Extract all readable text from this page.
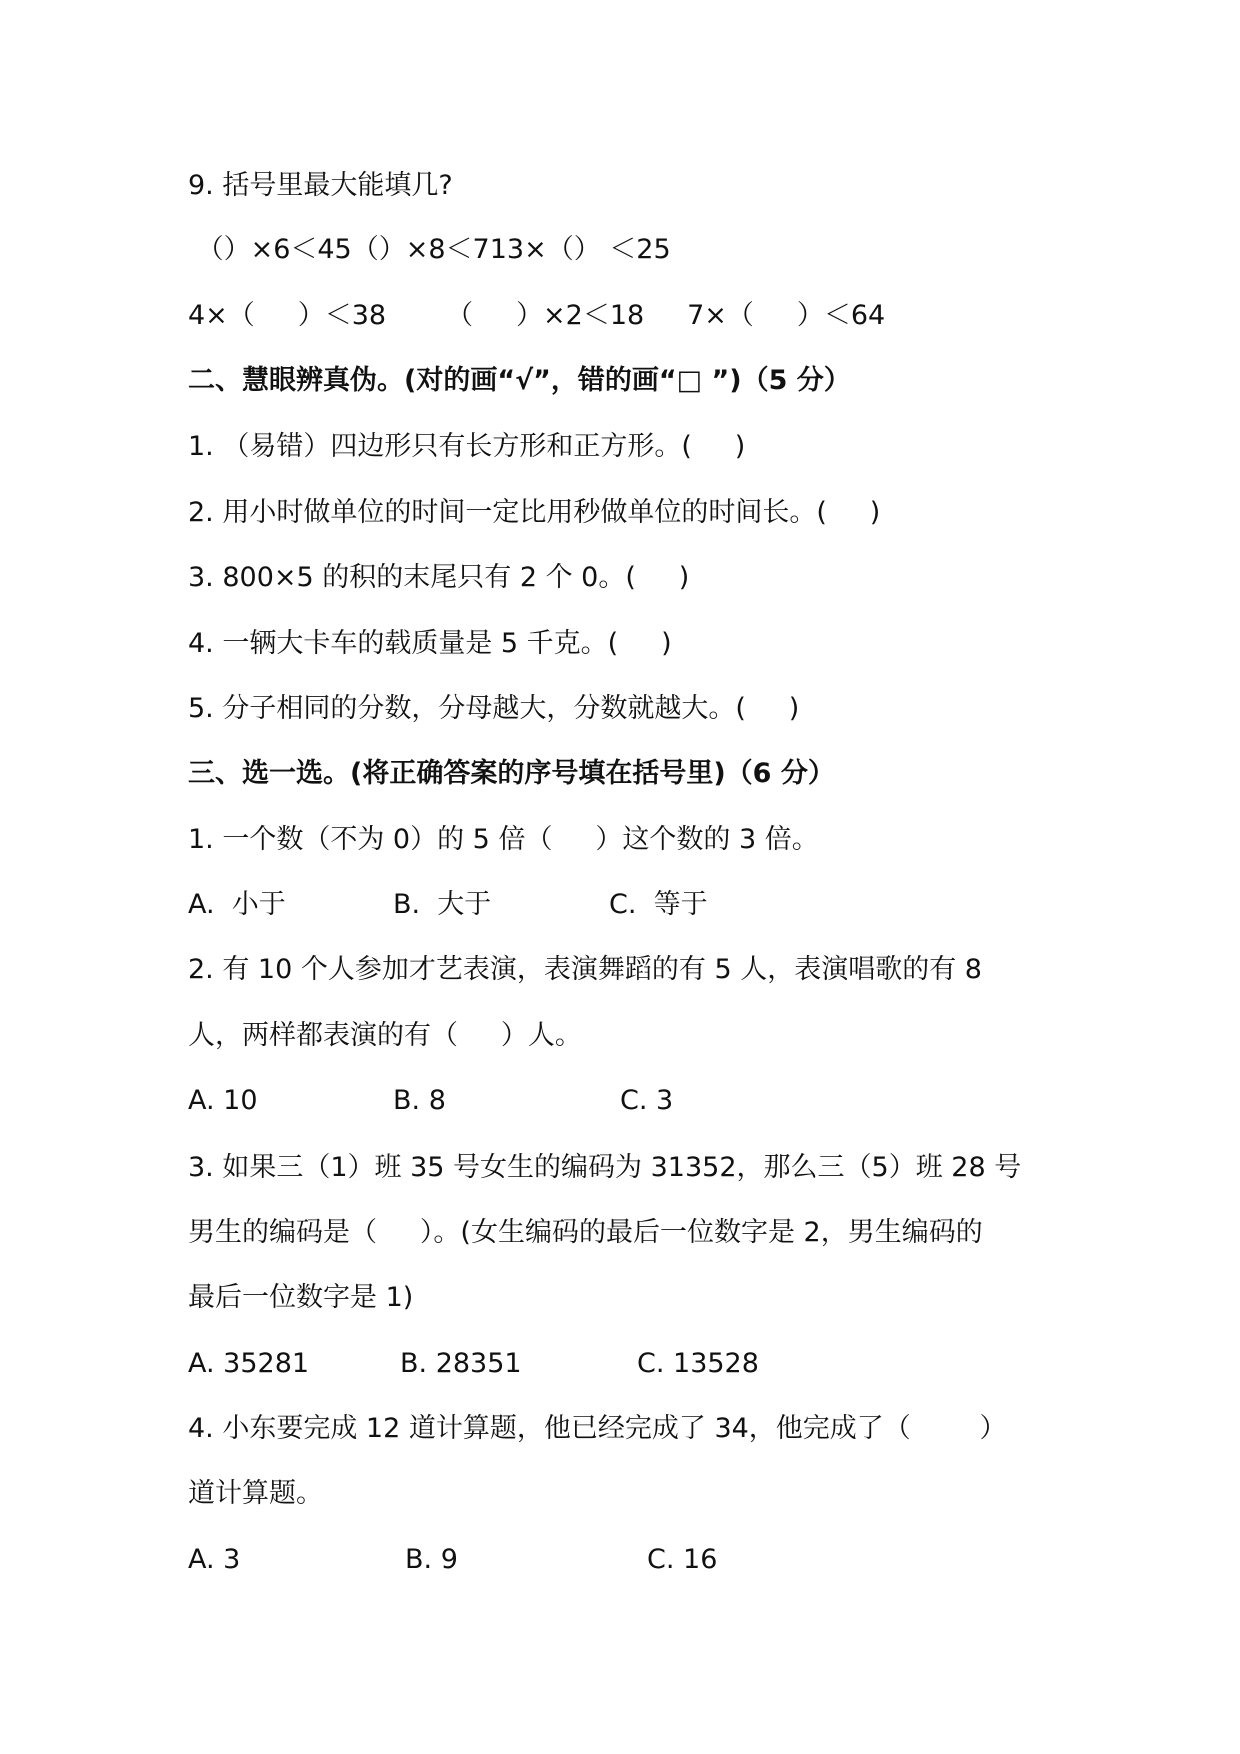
9. 括号里最大能填几?
（）×6＜45（）×8＜713×（） ＜25
4×（     ）＜38       （     ）×2＜18     7×（     ）＜64
二、慧眼辨真伪。(对的画“√”，错的画“□ ”)（5 分）
1. （易错）四边形只有长方形和正方形。(     )
2. 用小时做单位的时间一定比用秒做单位的时间长。(     )
3. 800×5 的积的末尾只有 2 个 0。(     )
4. 一辆大卡车的载质量是 5 千克。(     )
5. 分子相同的分数，分母越大，分数就越大。(     )
三、选一选。(将正确答案的序号填在括号里)（6 分）
1. 一个数（不为 0）的 5 倍（     ）这个数的 3 倍。
A.  小于	B.  大于	C.  等于
2. 有 10 个人参加才艺表演，表演舞蹈的有 5 人，表演唱歌的有 8
人，两样都表演的有（     ）人。
A. 10	B. 8	C. 3
3. 如果三（1）班 35 号女生的编码为 31352，那么三（5）班 28 号
男生的编码是（     ）。(女生编码的最后一位数字是 2，男生编码的
最后一位数字是 1)
A. 35281	B. 28351	C. 13528
4. 小东要完成 12 道计算题，他已经完成了 34，他完成了（        ）
道计算题。
A. 3	B. 9	C. 16
